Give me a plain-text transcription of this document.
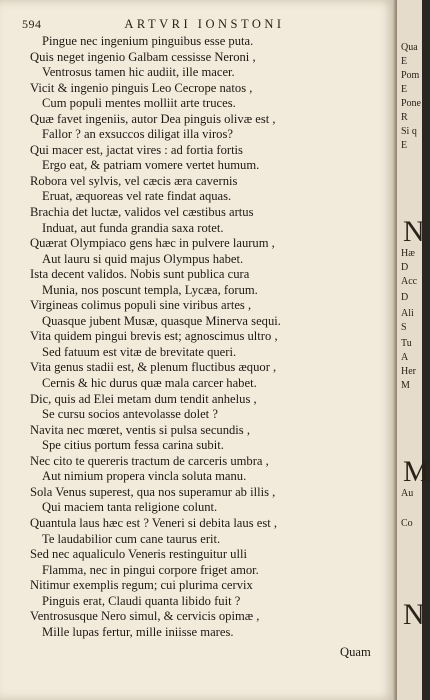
594	ARTVRI IONSTONI
Pingue nec ingenium pinguibus esse puta.
Quis neget ingenio Galbam cessisse Neroni ,
Ventrosus tamen hic audiit, ille macer.
Vicit & ingenio pinguis Leo Cecrope natos ,
Cum populi mentes molliit arte truces.
Quæ favet ingeniis, autor Dea pinguis olivæ est ,
Fallor ? an exsuccos diligat illa viros?
Qui macer est, jactat vires : ad fortia fortis
Ergo eat, & patriam vomere vertet humum.
Robora vel sylvis, vel cæcis æra cavernis
Eruat, æquoreas vel rate findat aquas.
Brachia det luctæ, validos vel cæstibus artus
Induat, aut funda grandia saxa rotet.
Quærat Olympiaco gens hæc in pulvere laurum ,
Aut lauru si quid majus Olympus habet.
Ista decent validos. Nobis sunt publica cura
Munia, nos poscunt templa, Lycæa, forum.
Virgineas colimus populi sine viribus artes ,
Quasque jubent Musæ, quasque Minerva sequi.
Vita quidem pingui brevis est; agnoscimus ultro ,
Sed fatuum est vitæ de brevitate queri.
Vita genus stadii est, & plenum fluctibus æquor ,
Cernis & hic durus quæ mala carcer habet.
Dic, quis ad Elei metam dum tendit anhelus ,
Se cursu socios antevolasse dolet ?
Navita nec mœret, ventis si pulsa secundis ,
Spe citius portum fessa carina subit.
Nec cito te quereris tractum de carceris umbra ,
Aut nimium propera vincla soluta manu.
Sola Venus superest, qua nos superamur ab illis ,
Qui maciem tanta religione colunt.
Quantula laus hæc est ? Veneri si debita laus est ,
Te laudabilior cum cane taurus erit.
Sed nec aqualiculo Veneris restinguitur ulli
Flamma, nec in pingui corpore friget amor.
Nitimur exemplis regum; cui plurima cervix
Pinguis erat, Claudi quanta libido fuit ?
Ventrosusque Nero simul, & cervicis opimæ ,
Mille lupas fertur, mille iniisse mares.
Quam
Qua
E
Pom
E
Pone
R
Si q
E
N
Hæ
D
Acc
D
Ali
S
Tu
A
Her
M
M
Au
Co
N
